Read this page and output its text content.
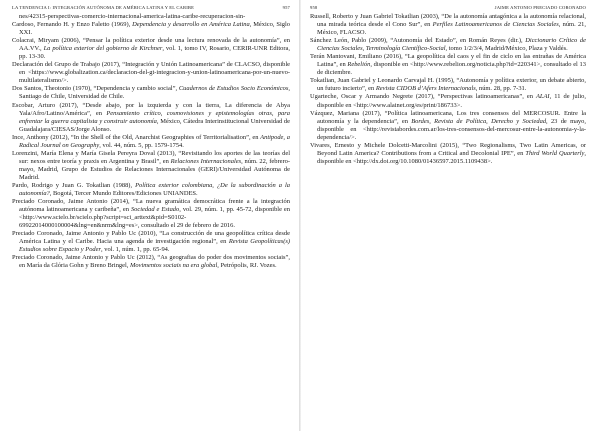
LA TENDENCIA I: INTEGRACIÓN AUTÓNOMA DE AMÉRICA LATINA Y EL CARIBE	957
nes/42315-perspectivas-comercio-internacional-america-latina-caribe-recuperacion-sin-
Cardoso, Fernando H. y Enzo Faletto (1969), Dependencia y desarrollo en América Latina, México, Siglo XXI.
Colacrai, Miryam (2006), “Pensar la política exterior desde una lectura renovada de la autonomía”, en AA.VV., La política exterior del gobierno de Kirchner, vol. 1, tomo IV, Rosario, CERIR-UNR Editora, pp. 13-30.
Declaración del Grupo de Trabajo (2017), “Integración y Unión Latinoamericana” de CLACSO, disponible en <https://www.globalization.ca/declaracion-del-gt-integracion-y-union-latinoamericana-por-un-nuevo-multilateralismo/>.
Dos Santos, Theotonio (1970), “Dependencia y cambio social”, Cuadernos de Estudios Socio Económicos, Santiago de Chile, Universidad de Chile.
Escobar, Arturo (2017), “Desde abajo, por la izquierda y con la tierra, La diferencia de Abya Yala/Afro/Latino/América”, en Pensamiento crítico, cosmovisiones y epistemologías otras, para enfrentar la guerra capitalista y construir autonomía, México, Cátedra Interinstitucional Universidad de Guadalajara/CIESAS/Jorge Alonso.
Ince, Anthony (2012), “In the Shell of the Old, Anarchist Geographies of Territorialisation”, en Antipode, a Radical Journal on Geography, vol. 44, núm. 5, pp. 1579-1754.
Lorenzini, María Elena y María Gisela Pereyra Doval (2013), “Revisitando los aportes de las teorías del sur: nexos entre teoría y praxis en Argentina y Brasil”, en Relaciones Internacionales, núm. 22, febrero-mayo, Madrid, Grupo de Estudios de Relaciones Internacionales (GERI)/Universidad Autónoma de Madrid.
Pardo, Rodrigo y Juan G. Tokatlian (1988), Política exterior colombiana, ¿De la subordinación a la autonomía?, Bogotá, Tercer Mundo Editores/Ediciones UNIANDES.
Preciado Coronado, Jaime Antonio (2014), “La nueva gramática democrática frente a la integración autónoma latinoamericana y caribeña”, en Sociedad e Estado, vol. 29, núm. 1, pp. 45-72, disponible en <http://www.scielo.br/scielo.php?script=sci_arttext&pid=S0102-69922014000100004&lng=en&nrm&lng=es>, consultado el 29 de febrero de 2016.
Preciado Coronado, Jaime Antonio y Pablo Uc (2010), “La construcción de una geopolítica crítica desde América Latina y el Caribe. Hacia una agenda de investigación regional”, en Revista Geopolíticas(s) Estudios sobre Espacio y Poder, vol. 1, núm. 1, pp. 65-94.
Preciado Coronado, Jaime Antonio y Pablo Uc (2012), “As geografias do poder dos movimentos sociais”, en María da Glória Gohn y Breno Bringel, Movimentos sociais na era global, Petrópolis, RJ. Vozes.
958	JAIME ANTONIO PRECIADO CORONADO
Russell, Roberto y Juan Gabriel Tokatlian (2003), “De la autonomía antagónica a la autonomía relacional, una mirada teórica desde el Cono Sur”, en Perfiles Latinoamericanos de Ciencias Sociales, núm. 21, México, FLACSO.
Sánchez León, Pablo (2009), “Autonomía del Estado”, en Román Reyes (dir.), Diccionario Crítico de Ciencias Sociales, Terminología Científico-Social, tomo 1/2/3/4, Madrid/México, Plaza y Valdés.
Terán Mantovani, Emiliano (2016), “La geopolítica del caos y el fin de ciclo en las entrañas de América Latina”, en Rebelión, disponible en <http://www.rebelion.org/noticia.php?id=220341>, consultado el 13 de diciembre.
Tokatlian, Juan Gabriel y Leonardo Carvajal H. (1995), “Autonomía y política exterior, un debate abierto, un futuro incierto”, en Revista CIDOB d’Afers Internacionals, núm. 28, pp. 7-31.
Ugarteche, Oscar y Armando Negrete (2017), “Perspectivas latinoamericanas”, en ALAI, 11 de julio, disponible en <http://www.alainet.org/es/print/186733>.
Vázquez, Mariana (2017), “Política latinoamericana, Los tres consensos del MERCOSUR. Entre la autonomía y la dependencia”, en Bordes, Revista de Política, Derecho y Sociedad, 23 de mayo, disponible en <http://revistabordes.com.ar/los-tres-consensos-del-mercosur-entre-la-autonomia-y-la-dependencia/>.
Vivares, Ernesto y Michele Dolcetti-Marcolini (2015), “Two Regionalisms, Two Latin Americas, or Beyond Latin America? Contributions from a Critical and Decolonial IPE”, en Third World Quarterly, disponible en <http://dx.doi.org/10.1080/01436597.2015.1109438>.
